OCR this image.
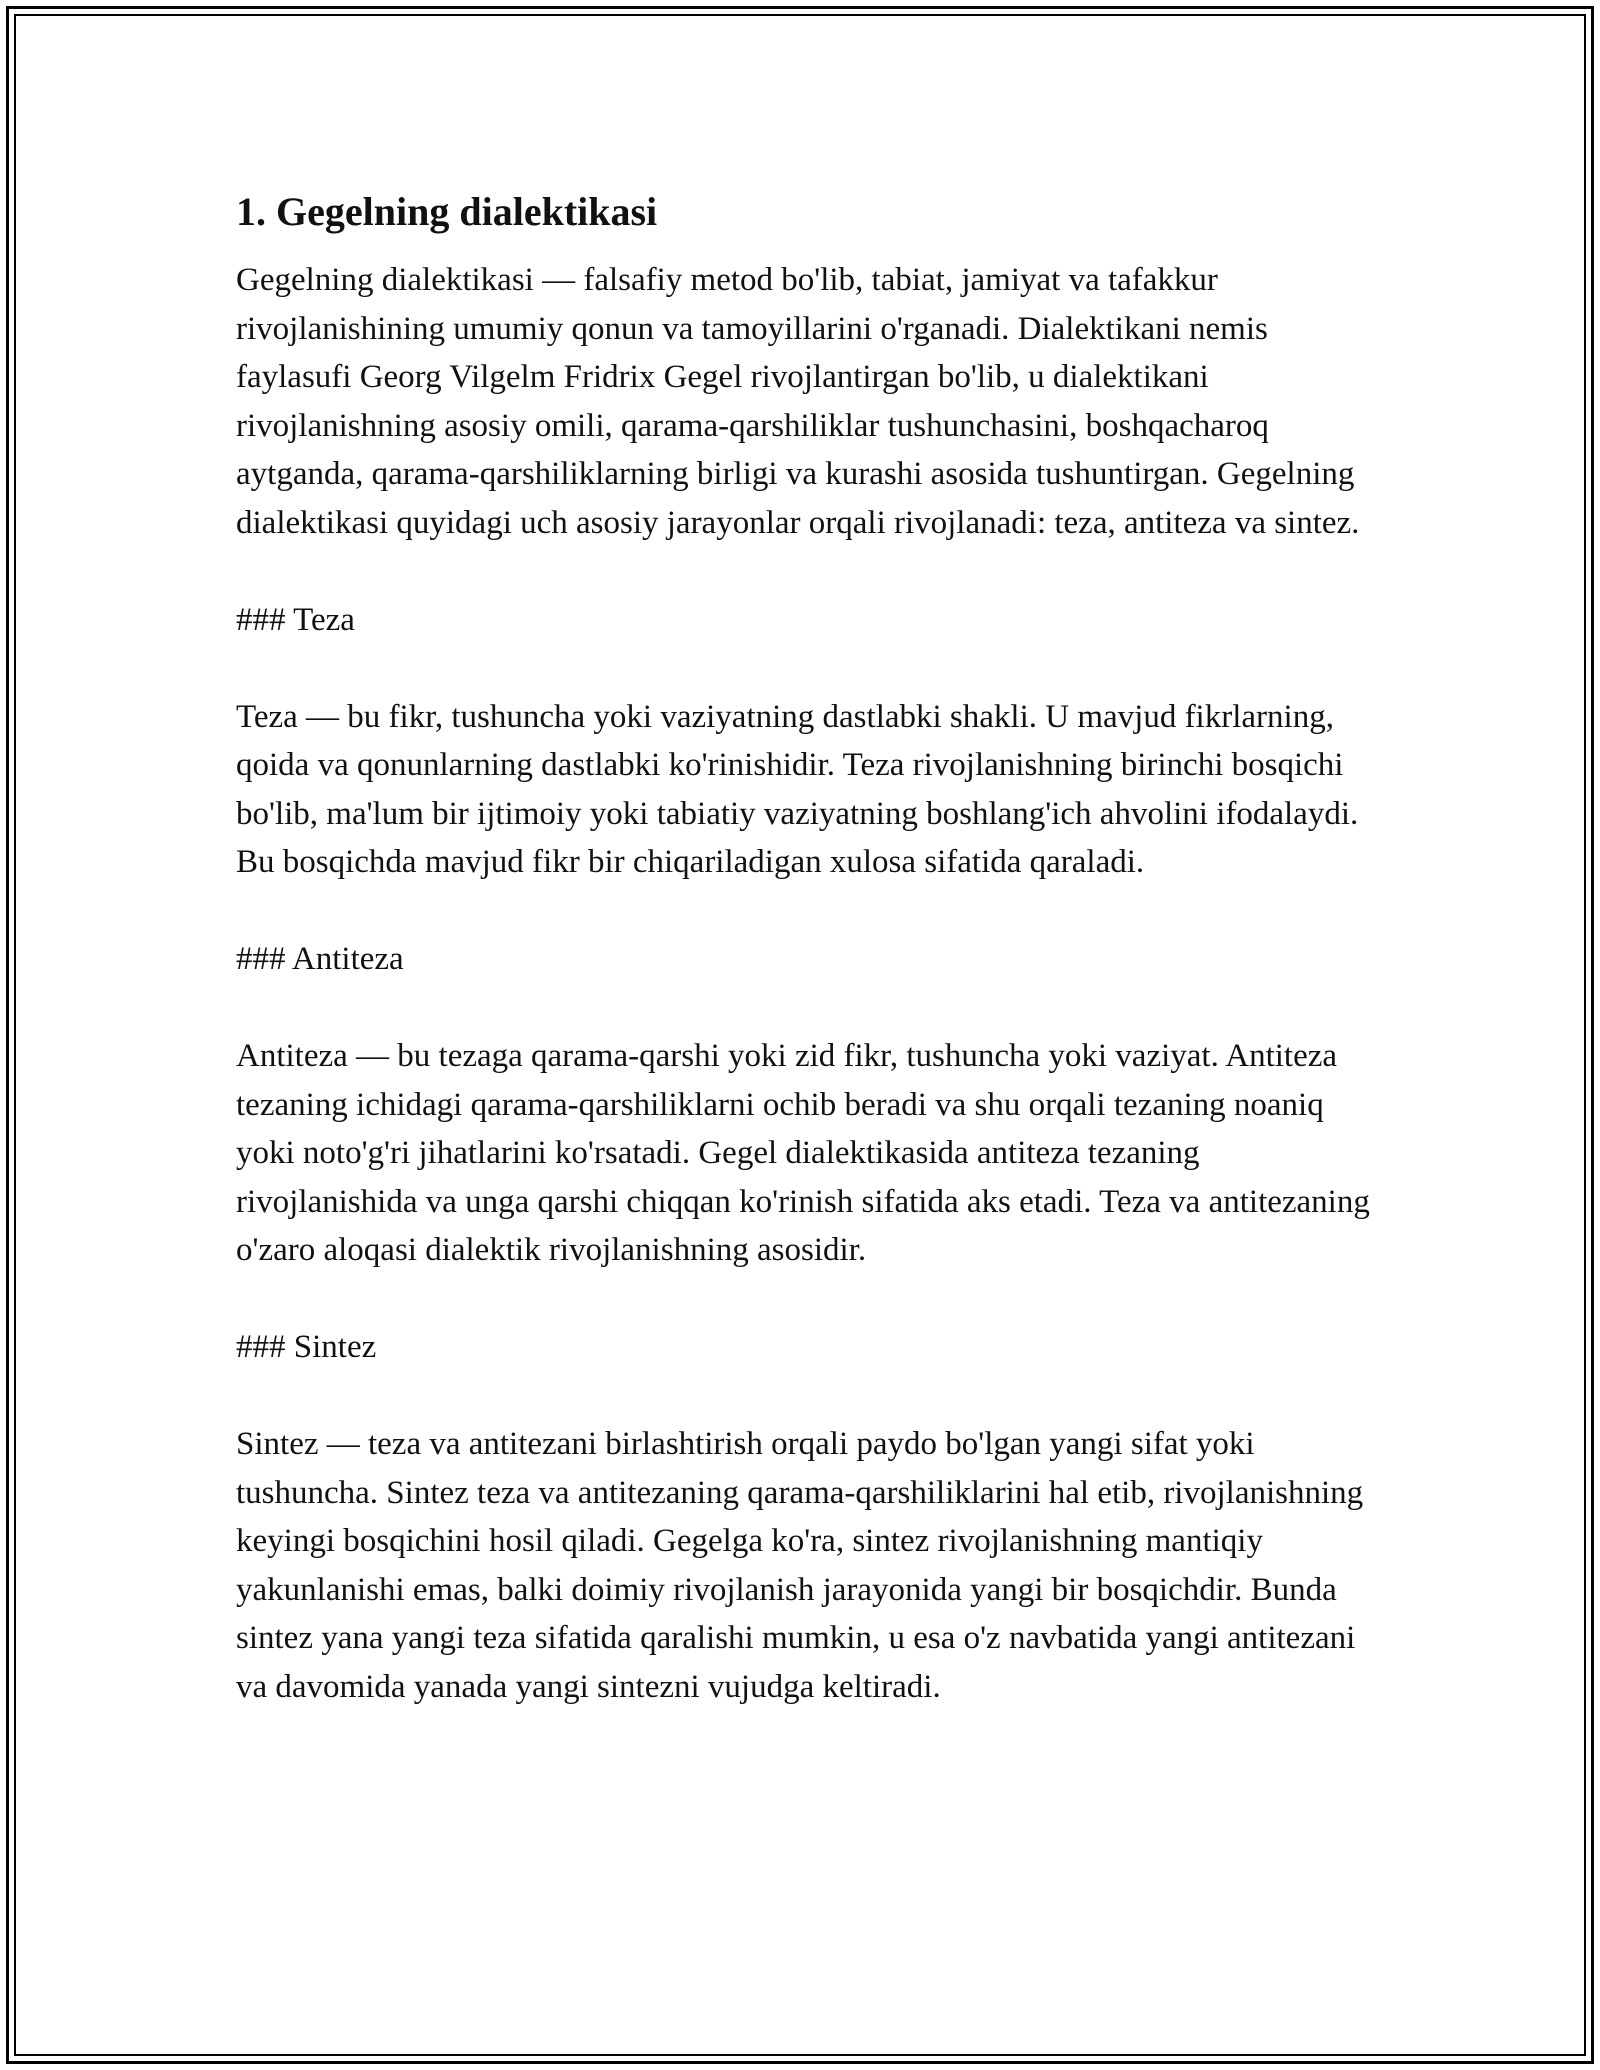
1. Gegelning dialektikasi

Gegelning dialektikasi — falsafiy metod bo'lib, tabiat, jamiyat va tafakkur rivojlanishining umumiy qonun va tamoyillarini o'rganadi. Dialektikani nemis faylasufi Georg Vilgelm Fridrix Gegel rivojlantirgan bo'lib, u dialektikani rivojlanishning asosiy omili, qarama-qarshiliklar tushunchasini, boshqacharoq aytganda, qarama-qarshiliklarning birligi va kurashi asosida tushuntirgan. Gegelning dialektikasi quyidagi uch asosiy jarayonlar orqali rivojlanadi: teza, antiteza va sintez.

### Teza

Teza — bu fikr, tushuncha yoki vaziyatning dastlabki shakli. U mavjud fikrlarning, qoida va qonunlarning dastlabki ko'rinishidir. Teza rivojlanishning birinchi bosqichi bo'lib, ma'lum bir ijtimoiy yoki tabiatiy vaziyatning boshlang'ich ahvolini ifodalaydi. Bu bosqichda mavjud fikr bir chiqariladigan xulosa sifatida qaraladi.

### Antiteza

Antiteza — bu tezaga qarama-qarshi yoki zid fikr, tushuncha yoki vaziyat. Antiteza tezaning ichidagi qarama-qarshiliklarni ochib beradi va shu orqali tezaning noaniq yoki noto'g'ri jihatlarini ko'rsatadi. Gegel dialektikasida antiteza tezaning rivojlanishida va unga qarshi chiqqan ko'rinish sifatida aks etadi. Teza va antitezaning o'zaro aloqasi dialektik rivojlanishning asosidir.

### Sintez

Sintez — teza va antitezani birlashtirish orqali paydo bo'lgan yangi sifat yoki tushuncha. Sintez teza va antitezaning qarama-qarshiliklarini hal etib, rivojlanishning keyingi bosqichini hosil qiladi. Gegelga ko'ra, sintez rivojlanishning mantiqiy yakunlanishi emas, balki doimiy rivojlanish jarayonida yangi bir bosqichdir. Bunda sintez yana yangi teza sifatida qaralishi mumkin, u esa o'z navbatida yangi antitezani va davomida yanada yangi sintezni vujudga keltiradi.
